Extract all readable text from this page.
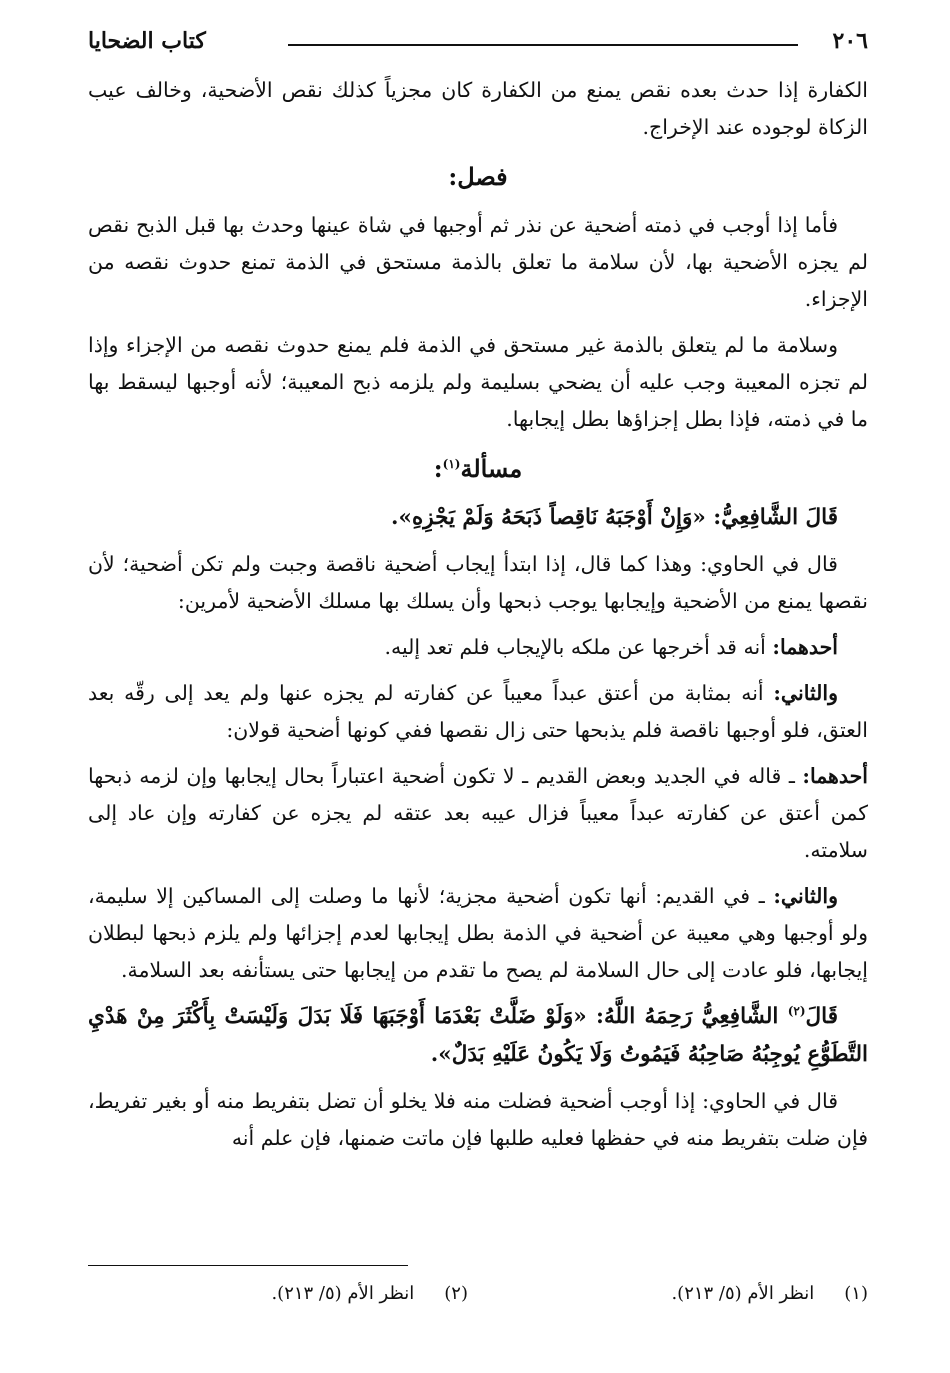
٢٠٦
كتاب الضحايا

الكفارة إذا حدث بعده نقص يمنع من الكفارة كان مجزياً كذلك نقص الأضحية، وخالف عيب الزكاة لوجوده عند الإخراج.

فصل:

فأما إذا أوجب في ذمته أضحية عن نذر ثم أوجبها في شاة عينها وحدث بها قبل الذبح نقص لم يجزه الأضحية بها، لأن سلامة ما تعلق بالذمة مستحق في الذمة تمنع حدوث نقصه من الإجزاء.

وسلامة ما لم يتعلق بالذمة غير مستحق في الذمة فلم يمنع حدوث نقصه من الإجزاء وإذا لم تجزه المعيبة وجب عليه أن يضحي بسليمة ولم يلزمه ذبح المعيبة؛ لأنه أوجبها ليسقط بها ما في ذمته، فإذا بطل إجزاؤها بطل إيجابها.

مسألة$^{(١)}$:

قَالَ الشَّافِعِيُّ: «وَإِنْ أَوْجَبَهُ نَاقِصاً ذَبَحَهُ وَلَمْ يَجْزِهِ».

قال في الحاوي: وهذا كما قال، إذا ابتدأ إيجاب أضحية ناقصة وجبت ولم تكن أضحية؛ لأن نقصها يمنع من الأضحية وإيجابها يوجب ذبحها وأن يسلك بها مسلك الأضحية لأمرين:

أحدهما: أنه قد أخرجها عن ملكه بالإيجاب فلم تعد إليه.

والثاني: أنه بمثابة من أعتق عبداً معيباً عن كفارته لم يجزه عنها ولم يعد إلى رقّه بعد العتق، فلو أوجبها ناقصة فلم يذبحها حتى زال نقصها ففي كونها أضحية قولان:

أحدهما: ـ قاله في الجديد وبعض القديم ـ لا تكون أضحية اعتباراً بحال إيجابها وإن لزمه ذبحها كمن أعتق عن كفارته عبداً معيباً فزال عيبه بعد عتقه لم يجزه عن كفارته وإن عاد إلى سلامته.

والثاني: ـ في القديم: أنها تكون أضحية مجزية؛ لأنها ما وصلت إلى المساكين إلا سليمة، ولو أوجبها وهي معيبة عن أضحية في الذمة بطل إيجابها لعدم إجزائها ولم يلزم ذبحها لبطلان إيجابها، فلو عادت إلى حال السلامة لم يصح ما تقدم من إيجابها حتى يستأنفه بعد السلامة.

قَالَ$^{(٢)}$ الشَّافِعِيُّ رَحِمَهُ اللَّهُ: «وَلَوْ ضَلَّتْ بَعْدَمَا أَوْجَبَهَا فَلَا بَدَلَ وَلَيْسَتْ بِأَكْثَرَ مِنْ هَدْيِ التَّطَوُّعِ يُوجِبُهُ صَاحِبُهُ فَيَمُوتُ وَلَا يَكُونُ عَلَيْهِ بَدَلٌ».

قال في الحاوي: إذا أوجب أضحية فضلت منه فلا يخلو أن تضل بتفريط منه أو بغير تفريط، فإن ضلت بتفريط منه في حفظها فعليه طلبها فإن ماتت ضمنها، فإن علم أنه

(١)انظر الأم (٥/ ٢١٣).
(٢)انظر الأم (٥/ ٢١٣).
